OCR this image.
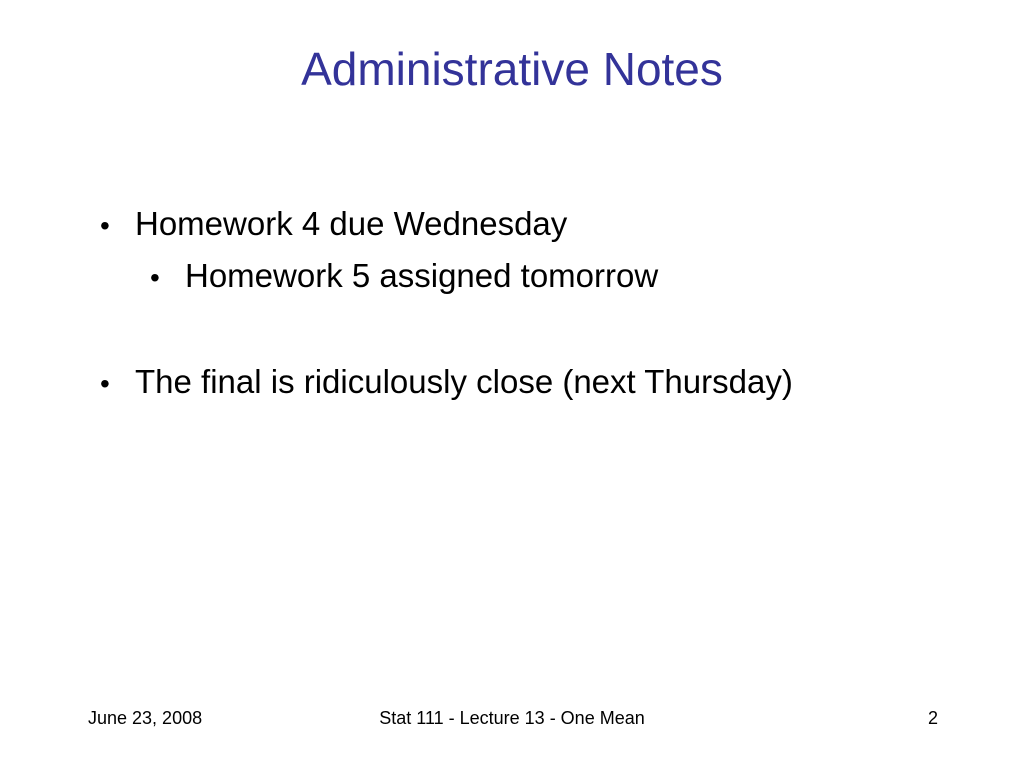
Administrative Notes
• Homework 4 due Wednesday
• Homework 5 assigned tomorrow
• The final is ridiculously close (next Thursday)
June 23, 2008	Stat 111 - Lecture 13 - One Mean	2
